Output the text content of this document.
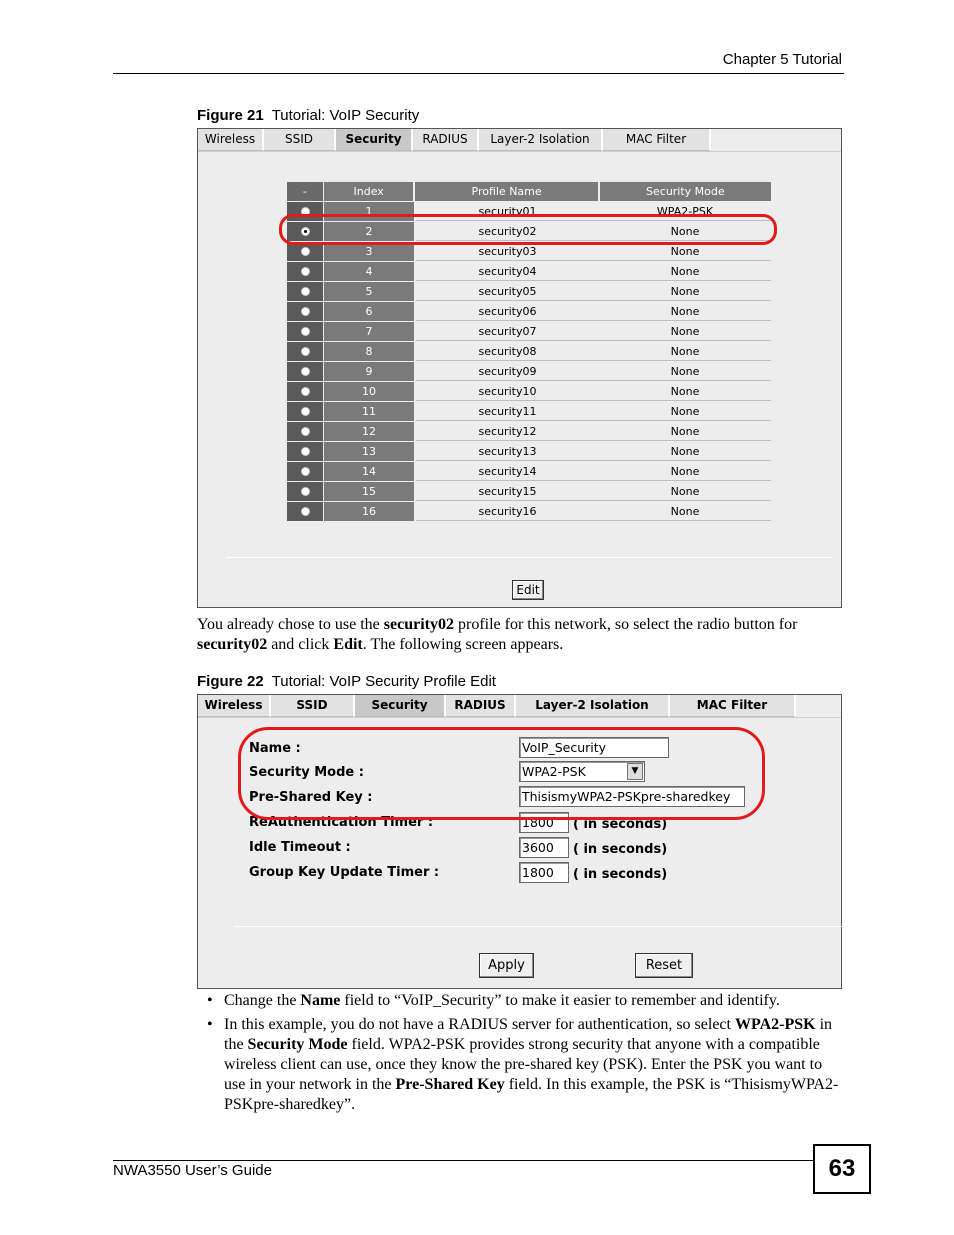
Chapter 5 Tutorial
Figure 21 Tutorial: VoIP Security
Wireless	SSID	Security	RADIUS	Layer-2 Isolation	MAC Filter
-	Index	Profile Name	Security Mode
1	security01	WPA2-PSK
2	security02	None
3	security03	None
4	security04	None
5	security05	None
6	security06	None
7	security07	None
8	security08	None
9	security09	None
10	security10	None
11	security11	None
12	security12	None
13	security13	None
14	security14	None
15	security15	None
16	security16	None
Edit
You already chose to use the security02 profile for this network, so select the radio button for security02 and click Edit. The following screen appears.
Figure 22 Tutorial: VoIP Security Profile Edit
Wireless	SSID	Security	RADIUS	Layer-2 Isolation	MAC Filter
Name :	VoIP_Security
Security Mode :	WPA2-PSK	▼
Pre-Shared Key :	ThisismyWPA2-PSKpre-sharedkey
ReAuthentication Timer :	1800	( in seconds)
Idle Timeout :	3600	( in seconds)
Group Key Update Timer :	1800	( in seconds)
Apply	Reset
• Change the Name field to “VoIP_Security” to make it easier to remember and identify.
• In this example, you do not have a RADIUS server for authentication, so select WPA2-PSK in the Security Mode field. WPA2-PSK provides strong security that anyone with a compatible wireless client can use, once they know the pre-shared key (PSK). Enter the PSK you want to use in your network in the Pre-Shared Key field. In this example, the PSK is “ThisismyWPA2-PSKpre-sharedkey”.
NWA3550 User’s Guide	63
